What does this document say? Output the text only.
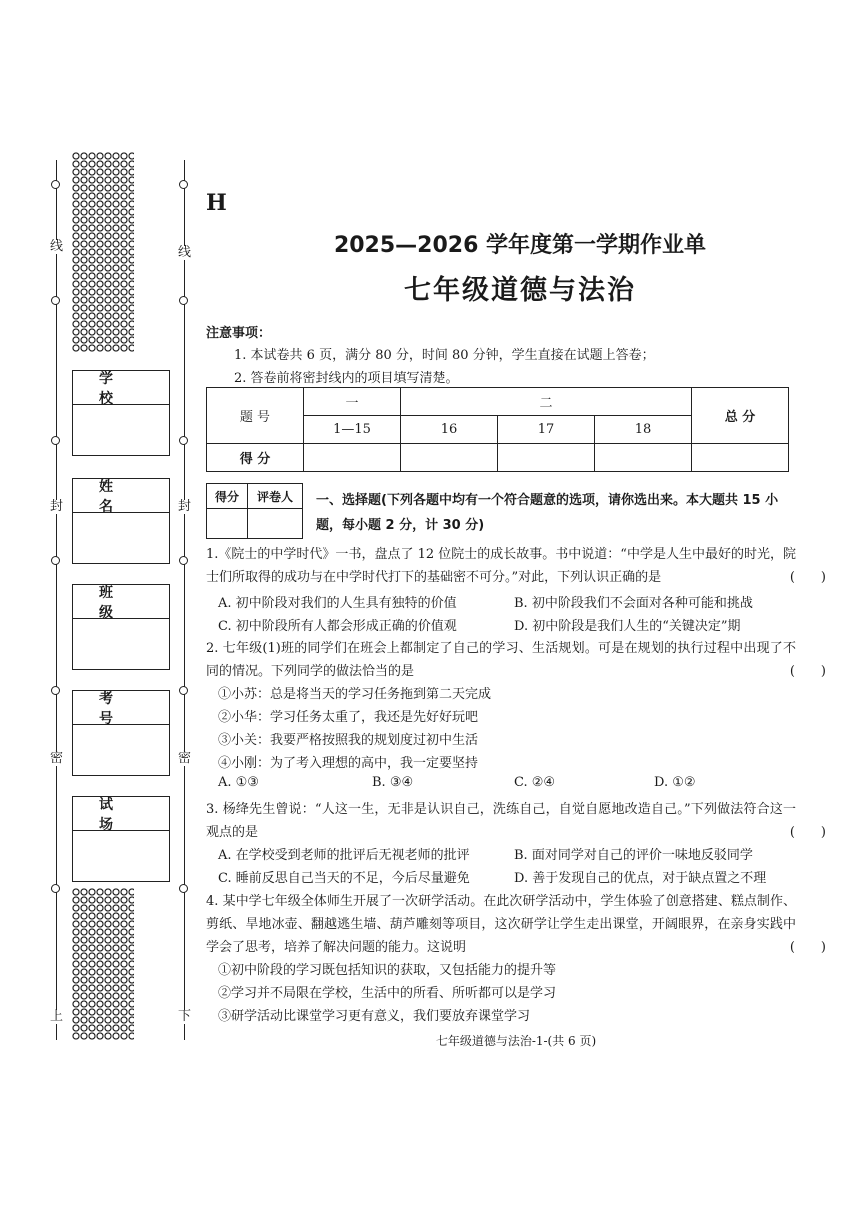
线
封
密
上
线
封
密
下
学校
姓名
班级
考号
试场
H
2025—2026 学年度第一学期作业单
七年级道德与法治
注意事项：
1. 本试卷共 6 页，满分 80 分，时间 80 分钟，学生直接在试题上答卷；
2. 答卷前将密封线内的项目填写清楚。
题 号	一	二			总 分
	1—15	16	17	18	
得 分					
得分	评卷人
	一、选择题(下列各题中均有一个符合题意的选项，请你选出来。本大题共 15 小题，每小题 2 分，计 30 分)
1.《院士的中学时代》一书，盘点了 12 位院士的成长故事。书中说道：“中学是人生中最好的时光，院士们所取得的成功与在中学时代打下的基础密不可分。”对此，下列认识正确的是	(　　)
A. 初中阶段对我们的人生具有独特的价值	B. 初中阶段我们不会面对各种可能和挑战
C. 初中阶段所有人都会形成正确的价值观	D. 初中阶段是我们人生的“关键决定”期
2. 七年级(1)班的同学们在班会上都制定了自己的学习、生活规划。可是在规划的执行过程中出现了不同的情况。下列同学的做法恰当的是	(　　)
①小苏：总是将当天的学习任务拖到第二天完成
②小华：学习任务太重了，我还是先好好玩吧
③小关：我要严格按照我的规划度过初中生活
④小刚：为了考入理想的高中，我一定要坚持
A. ①③	B. ③④	C. ②④	D. ①②
3. 杨绛先生曾说：“人这一生，无非是认识自己，洗练自己，自觉自愿地改造自己。”下列做法符合这一观点的是	(　　)
A. 在学校受到老师的批评后无视老师的批评	B. 面对同学对自己的评价一味地反驳同学
C. 睡前反思自己当天的不足，今后尽量避免	D. 善于发现自己的优点，对于缺点置之不理
4. 某中学七年级全体师生开展了一次研学活动。在此次研学活动中，学生体验了创意搭建、糕点制作、剪纸、旱地冰壶、翻越逃生墙、葫芦雕刻等项目，这次研学让学生走出课堂，开阔眼界，在亲身实践中学会了思考，培养了解决问题的能力。这说明	(　　)
①初中阶段的学习既包括知识的获取，又包括能力的提升等
②学习并不局限在学校，生活中的所看、所听都可以是学习
③研学活动比课堂学习更有意义，我们要放弃课堂学习
七年级道德与法治-1-(共 6 页)
